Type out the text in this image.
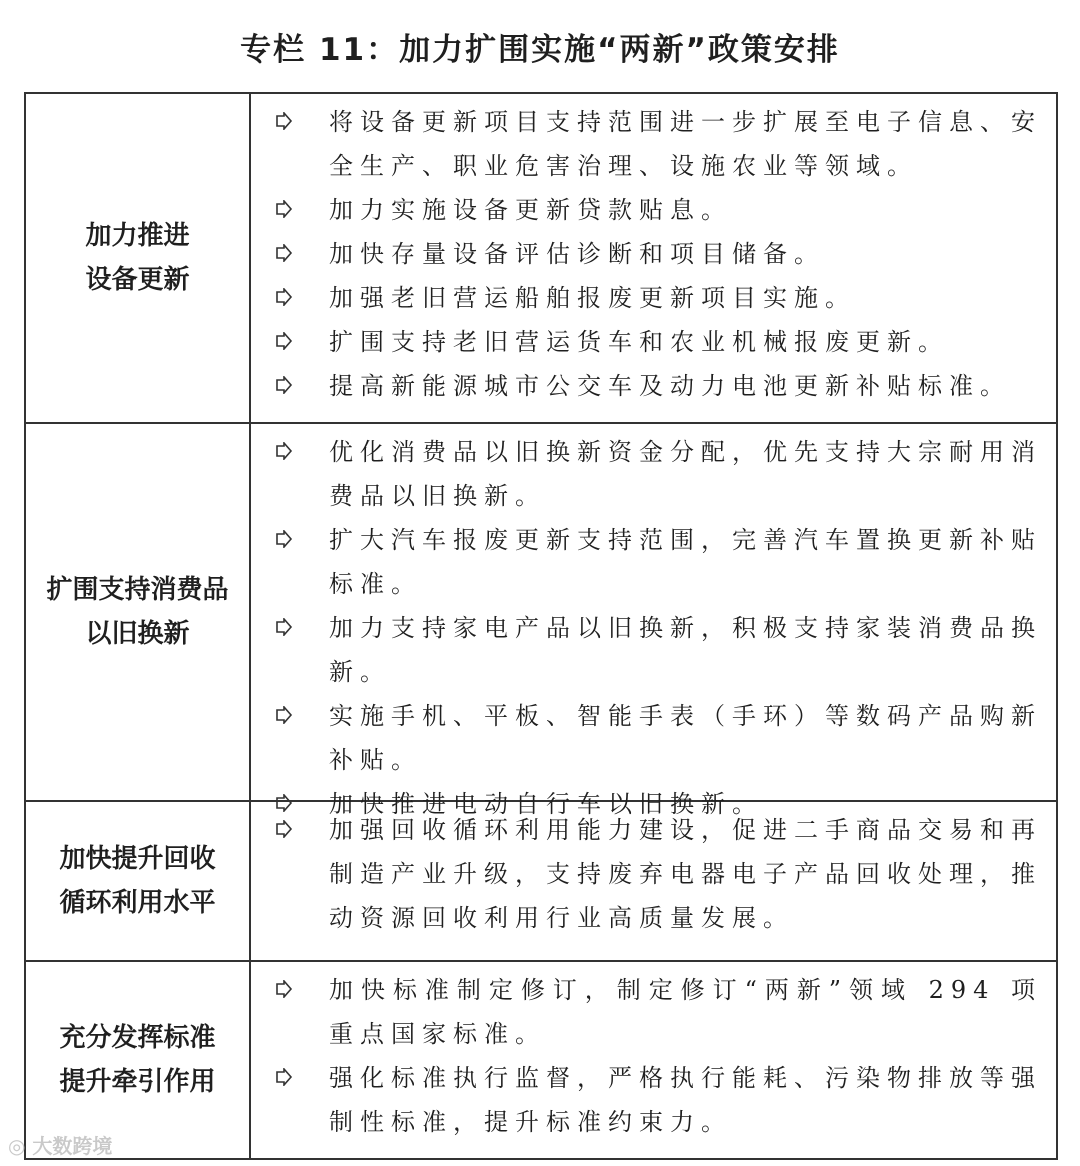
专栏 11：加力扩围实施“两新”政策安排
加力推进
设备更新
将设备更新项目支持范围进一步扩展至电子信息、安全生产、职业危害治理、设施农业等领域。
加力实施设备更新贷款贴息。
加快存量设备评估诊断和项目储备。
加强老旧营运船舶报废更新项目实施。
扩围支持老旧营运货车和农业机械报废更新。
提高新能源城市公交车及动力电池更新补贴标准。
扩围支持消费品
以旧换新
优化消费品以旧换新资金分配，优先支持大宗耐用消费品以旧换新。
扩大汽车报废更新支持范围，完善汽车置换更新补贴标准。
加力支持家电产品以旧换新，积极支持家装消费品换新。
实施手机、平板、智能手表（手环）等数码产品购新补贴。
加快推进电动自行车以旧换新。
加快提升回收
循环利用水平
加强回收循环利用能力建设，促进二手商品交易和再制造产业升级，支持废弃电器电子产品回收处理，推动资源回收利用行业高质量发展。
充分发挥标准
提升牵引作用
加快标准制定修订，制定修订“两新”领域 294 项重点国家标准。
强化标准执行监督，严格执行能耗、污染物排放等强制性标准，提升标准约束力。
◎ 大数跨境
